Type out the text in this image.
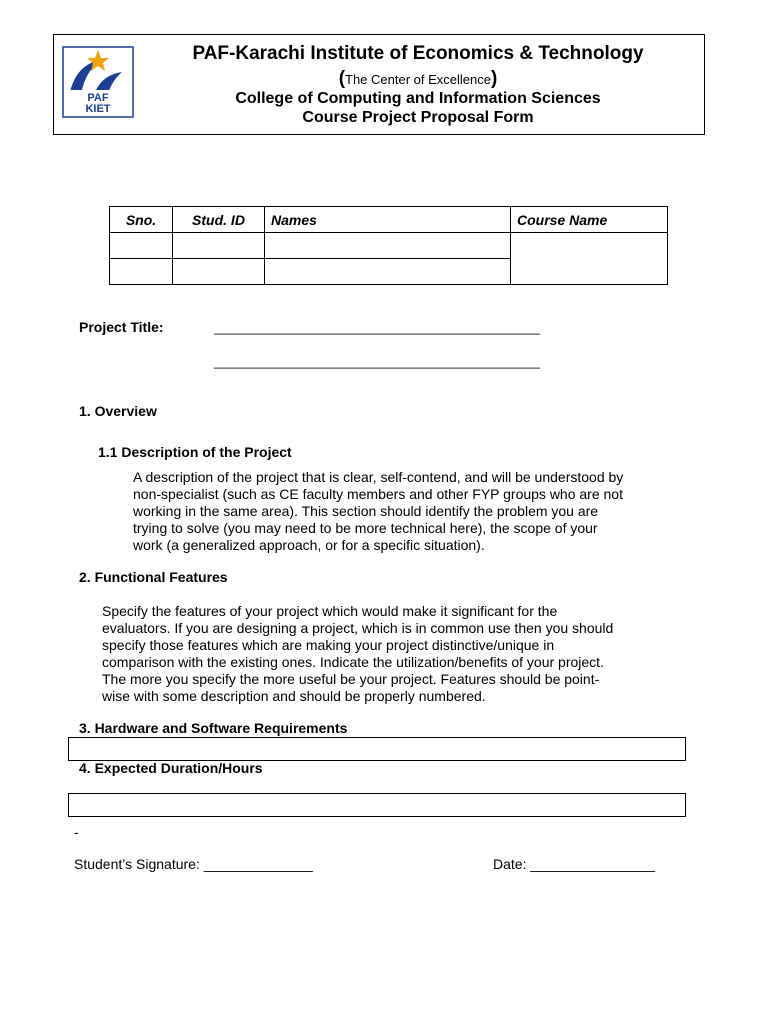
PAF
KIET
PAF-Karachi Institute of Economics & Technology
(The Center of Excellence)
College of Computing and Information Sciences
Course Project Proposal Form
Sno.	Stud. ID	Names	Course Name

Project Title:	_______________________________________________
_______________________________________________
1. Overview
1.1 Description of the Project
A description of the project that is clear, self-contend, and will be understood by
non-specialist (such as CE faculty members and other FYP groups who are not
working in the same area). This section should identify the problem you are
trying to solve (you may need to be more technical here), the scope of your
work (a generalized approach, or for a specific situation).
2. Functional Features
Specify the features of your project which would make it significant for the
evaluators. If you are designing a project, which is in common use then you should
specify those features which are making your project distinctive/unique in
comparison with the existing ones. Indicate the utilization/benefits of your project.
The more you specify the more useful be your project. Features should be point-
wise with some description and should be properly numbered.
3. Hardware and Software Requirements
4. Expected Duration/Hours
-
Student’s Signature: ______________	Date: ________________
